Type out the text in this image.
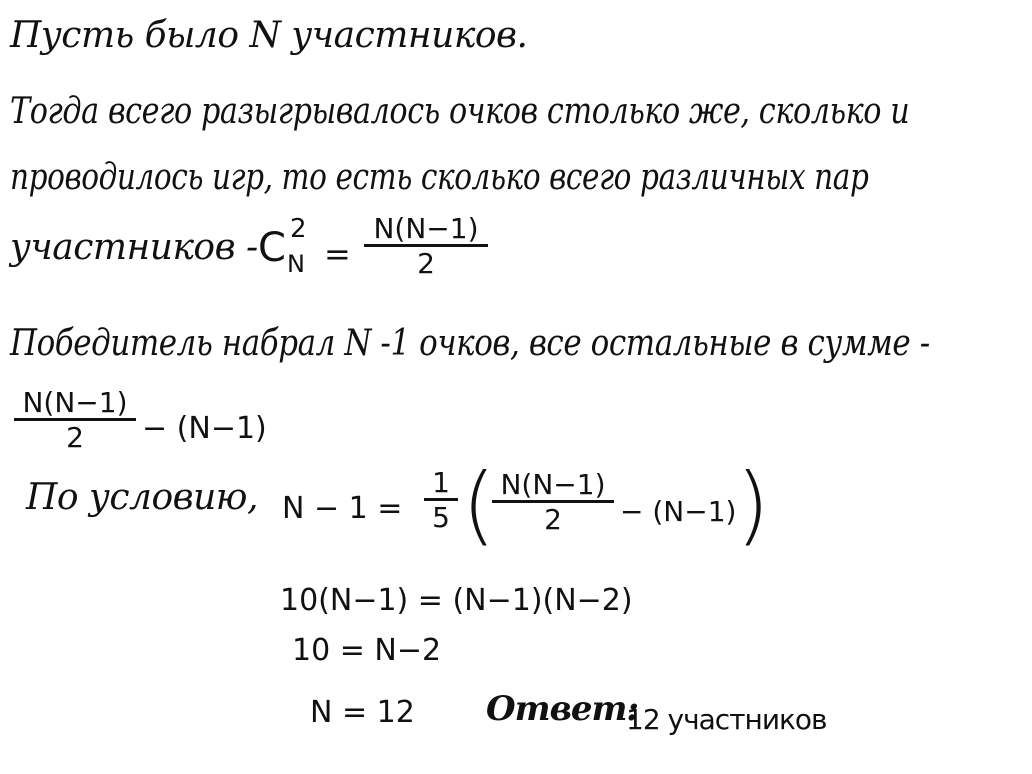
Пусть было N участников.
Тогда всего разыгрывалось очков столько же, сколько и
проводилось игр, то есть сколько всего различных пар
участников - C 2
N =
N(N−1)
2
Победитель набрал N -1 очков, все остальные в сумме -
N(N−1)
2	− (N−1)
По условию, N − 1 =
1
5 ( N(N−1)
2	− (N−1) )
10(N−1) = (N−1)(N−2)
10 = N−2
N = 12 Ответ:
12 участников
